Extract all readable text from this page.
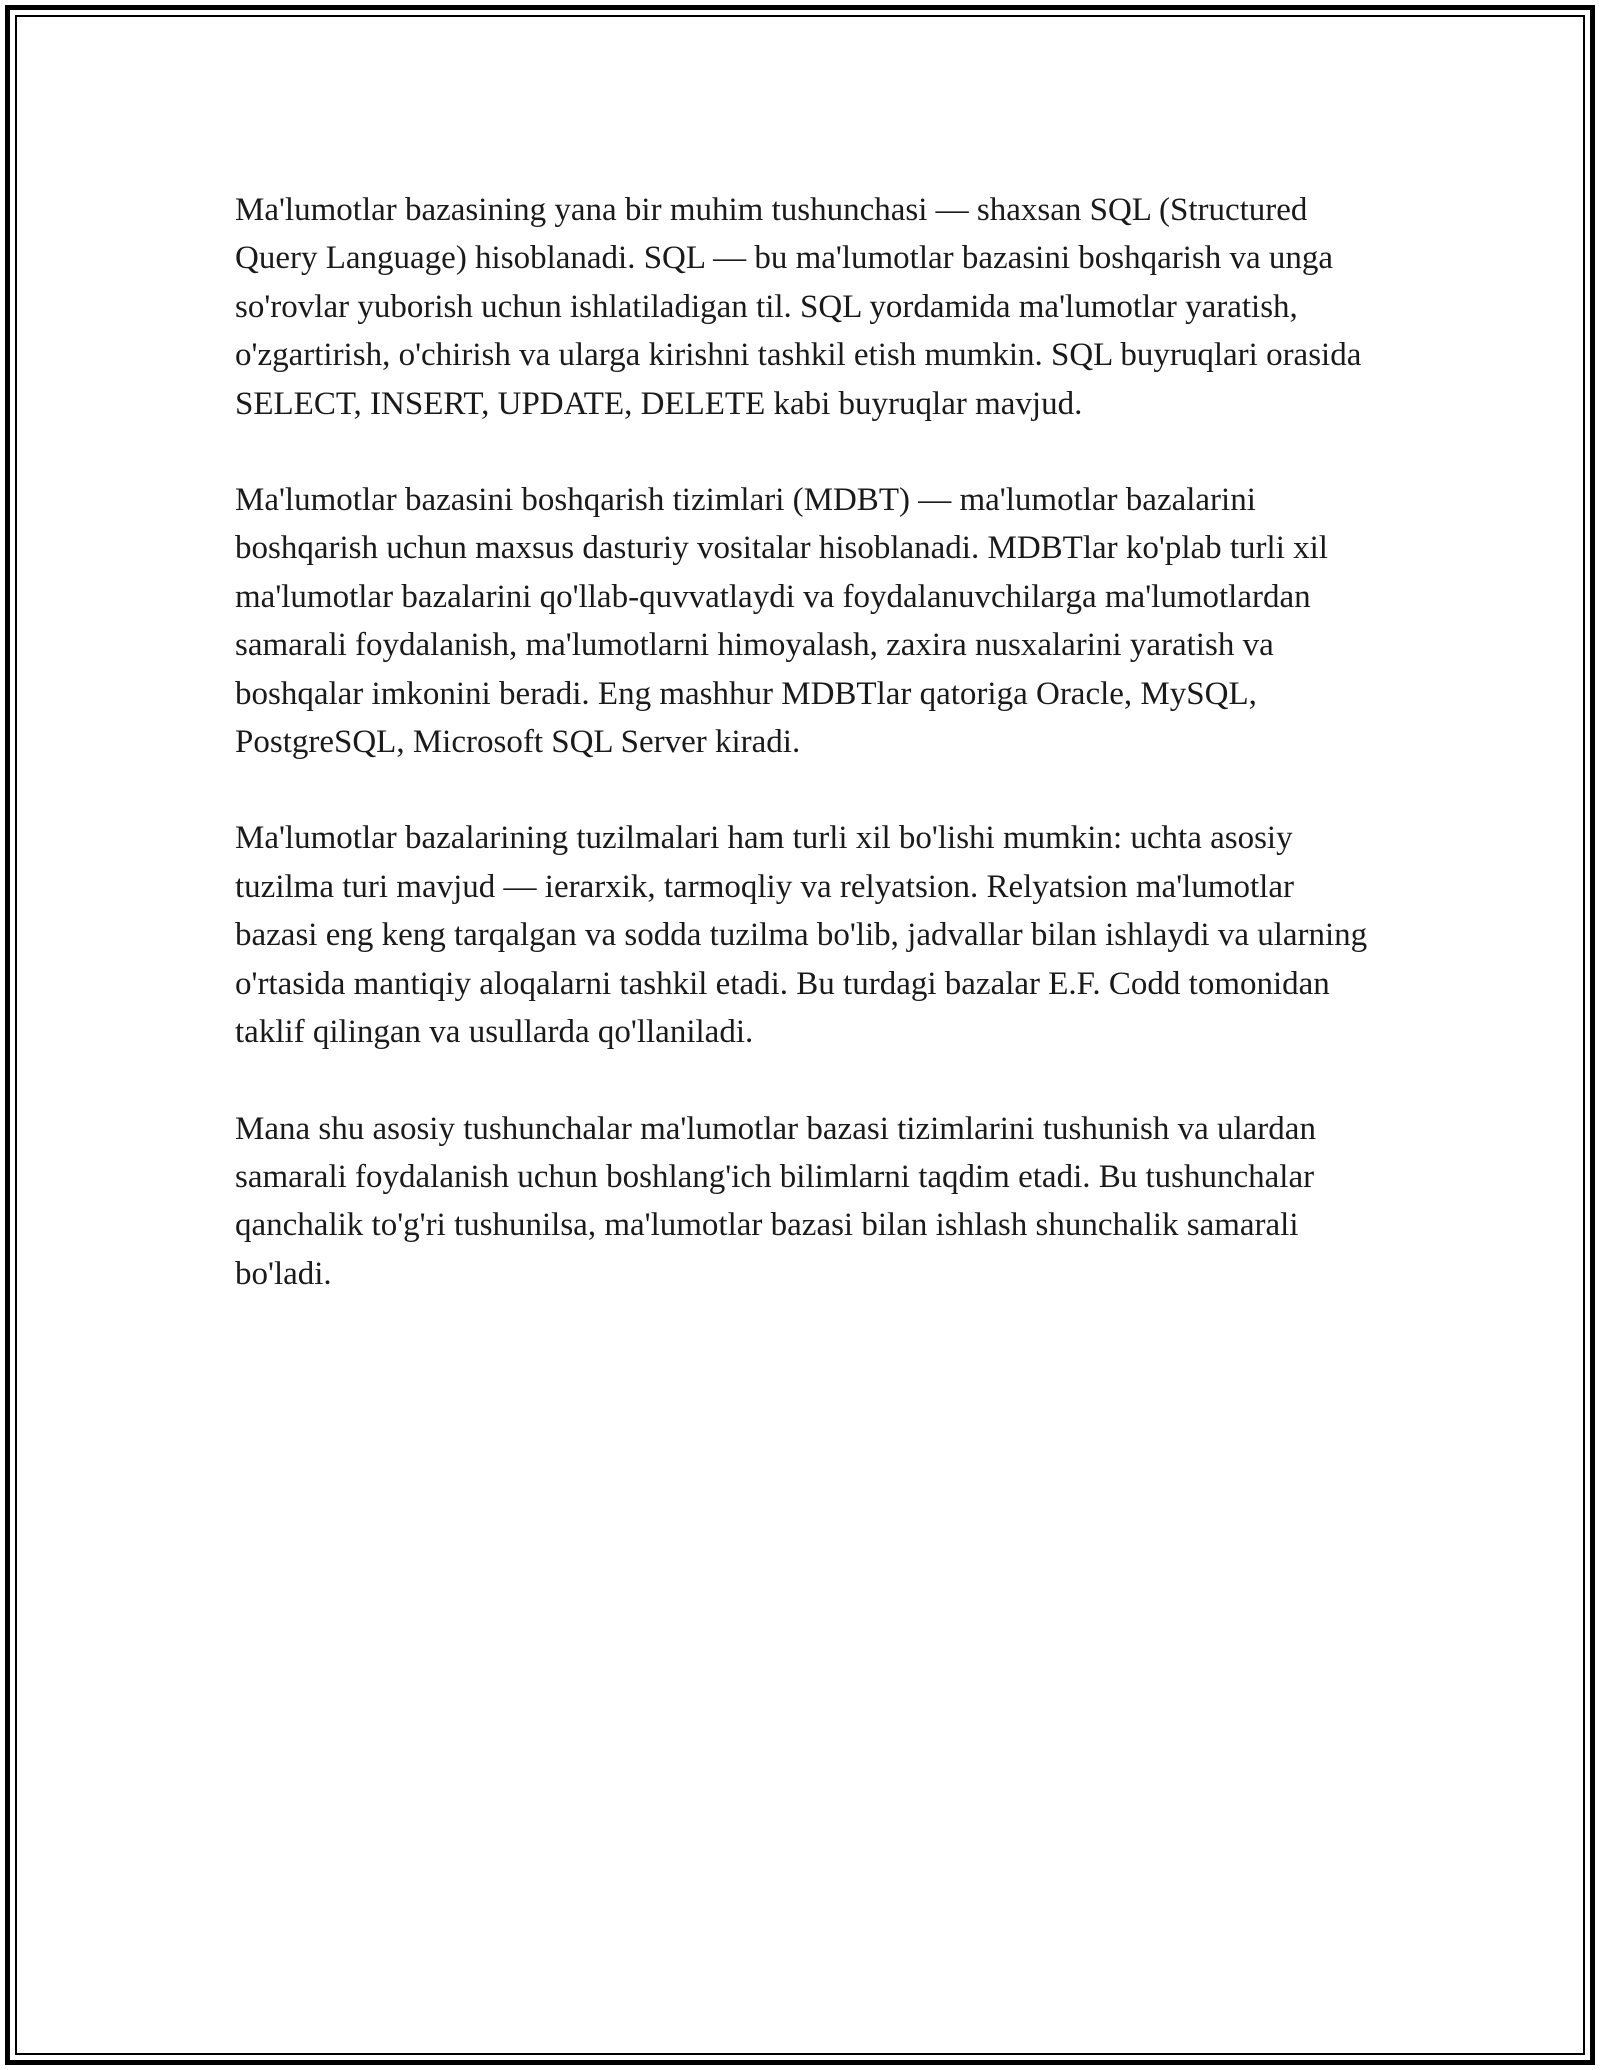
Ma'lumotlar bazasining yana bir muhim tushunchasi — shaxsan SQL (Structured Query Language) hisoblanadi. SQL — bu ma'lumotlar bazasini boshqarish va unga so'rovlar yuborish uchun ishlatiladigan til. SQL yordamida ma'lumotlar yaratish, o'zgartirish, o'chirish va ularga kirishni tashkil etish mumkin. SQL buyruqlari orasida SELECT, INSERT, UPDATE, DELETE kabi buyruqlar mavjud.

Ma'lumotlar bazasini boshqarish tizimlari (MDBT) — ma'lumotlar bazalarini boshqarish uchun maxsus dasturiy vositalar hisoblanadi. MDBTlar ko'plab turli xil ma'lumotlar bazalarini qo'llab-quvvatlaydi va foydalanuvchilarga ma'lumotlardan samarali foydalanish, ma'lumotlarni himoyalash, zaxira nusxalarini yaratish va boshqalar imkonini beradi. Eng mashhur MDBTlar qatoriga Oracle, MySQL, PostgreSQL, Microsoft SQL Server kiradi.

Ma'lumotlar bazalarining tuzilmalari ham turli xil bo'lishi mumkin: uchta asosiy tuzilma turi mavjud — ierarxik, tarmoqliy va relyatsion. Relyatsion ma'lumotlar bazasi eng keng tarqalgan va sodda tuzilma bo'lib, jadvallar bilan ishlaydi va ularning o'rtasida mantiqiy aloqalarni tashkil etadi. Bu turdagi bazalar E.F. Codd tomonidan taklif qilingan va usullarda qo'llaniladi.

Mana shu asosiy tushunchalar ma'lumotlar bazasi tizimlarini tushunish va ulardan samarali foydalanish uchun boshlang'ich bilimlarni taqdim etadi. Bu tushunchalar qanchalik to'g'ri tushunilsa, ma'lumotlar bazasi bilan ishlash shunchalik samarali bo'ladi.
